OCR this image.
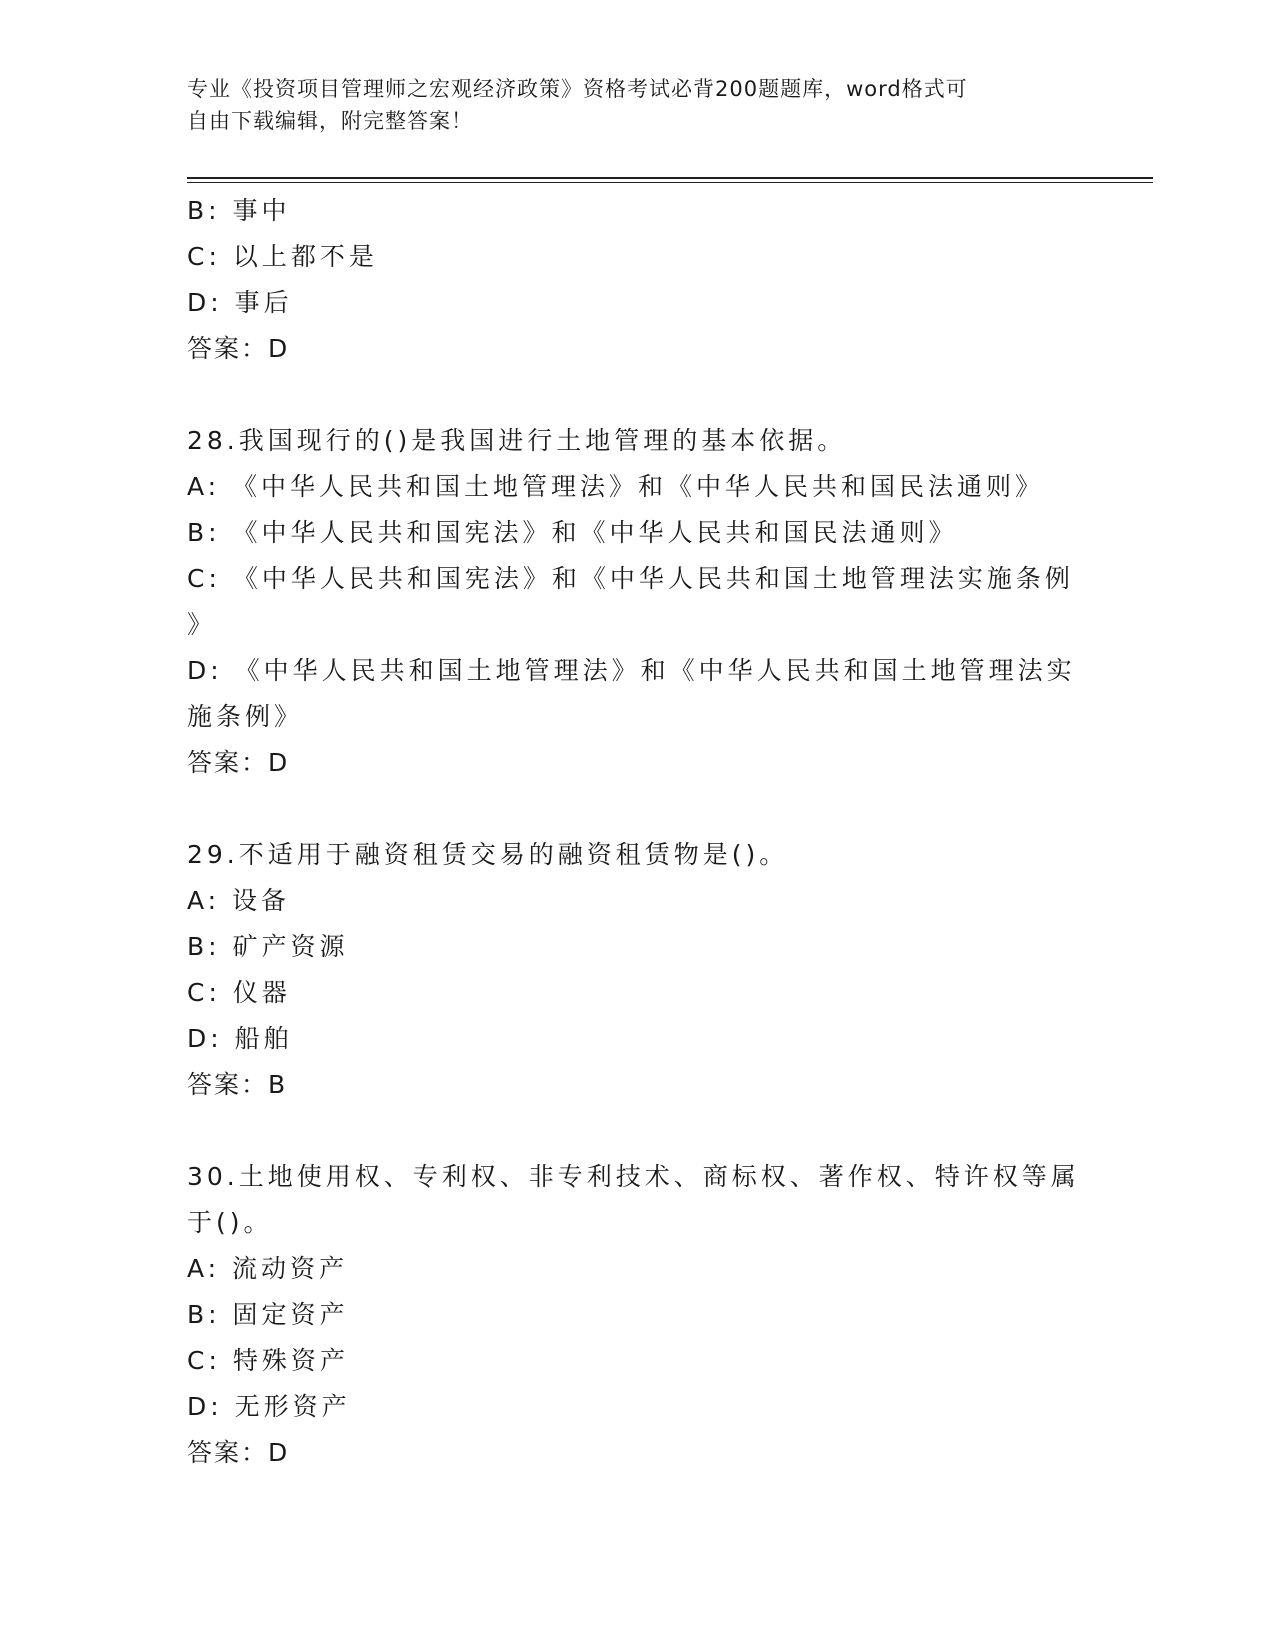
专业《投资项目管理师之宏观经济政策》资格考试必背200题题库，word格式可
自由下载编辑，附完整答案！
B: 事中
C: 以上都不是
D: 事后
答案：D
28.我国现行的()是我国进行土地管理的基本依据。
A: 《中华人民共和国土地管理法》和《中华人民共和国民法通则》
B: 《中华人民共和国宪法》和《中华人民共和国民法通则》
C: 《中华人民共和国宪法》和《中华人民共和国土地管理法实施条例
》
D: 《中华人民共和国土地管理法》和《中华人民共和国土地管理法实
施条例》
答案：D
29.不适用于融资租赁交易的融资租赁物是()。
A: 设备
B: 矿产资源
C: 仪器
D: 船舶
答案：B
30.土地使用权、专利权、非专利技术、商标权、著作权、特许权等属
于()。
A: 流动资产
B: 固定资产
C: 特殊资产
D: 无形资产
答案：D
